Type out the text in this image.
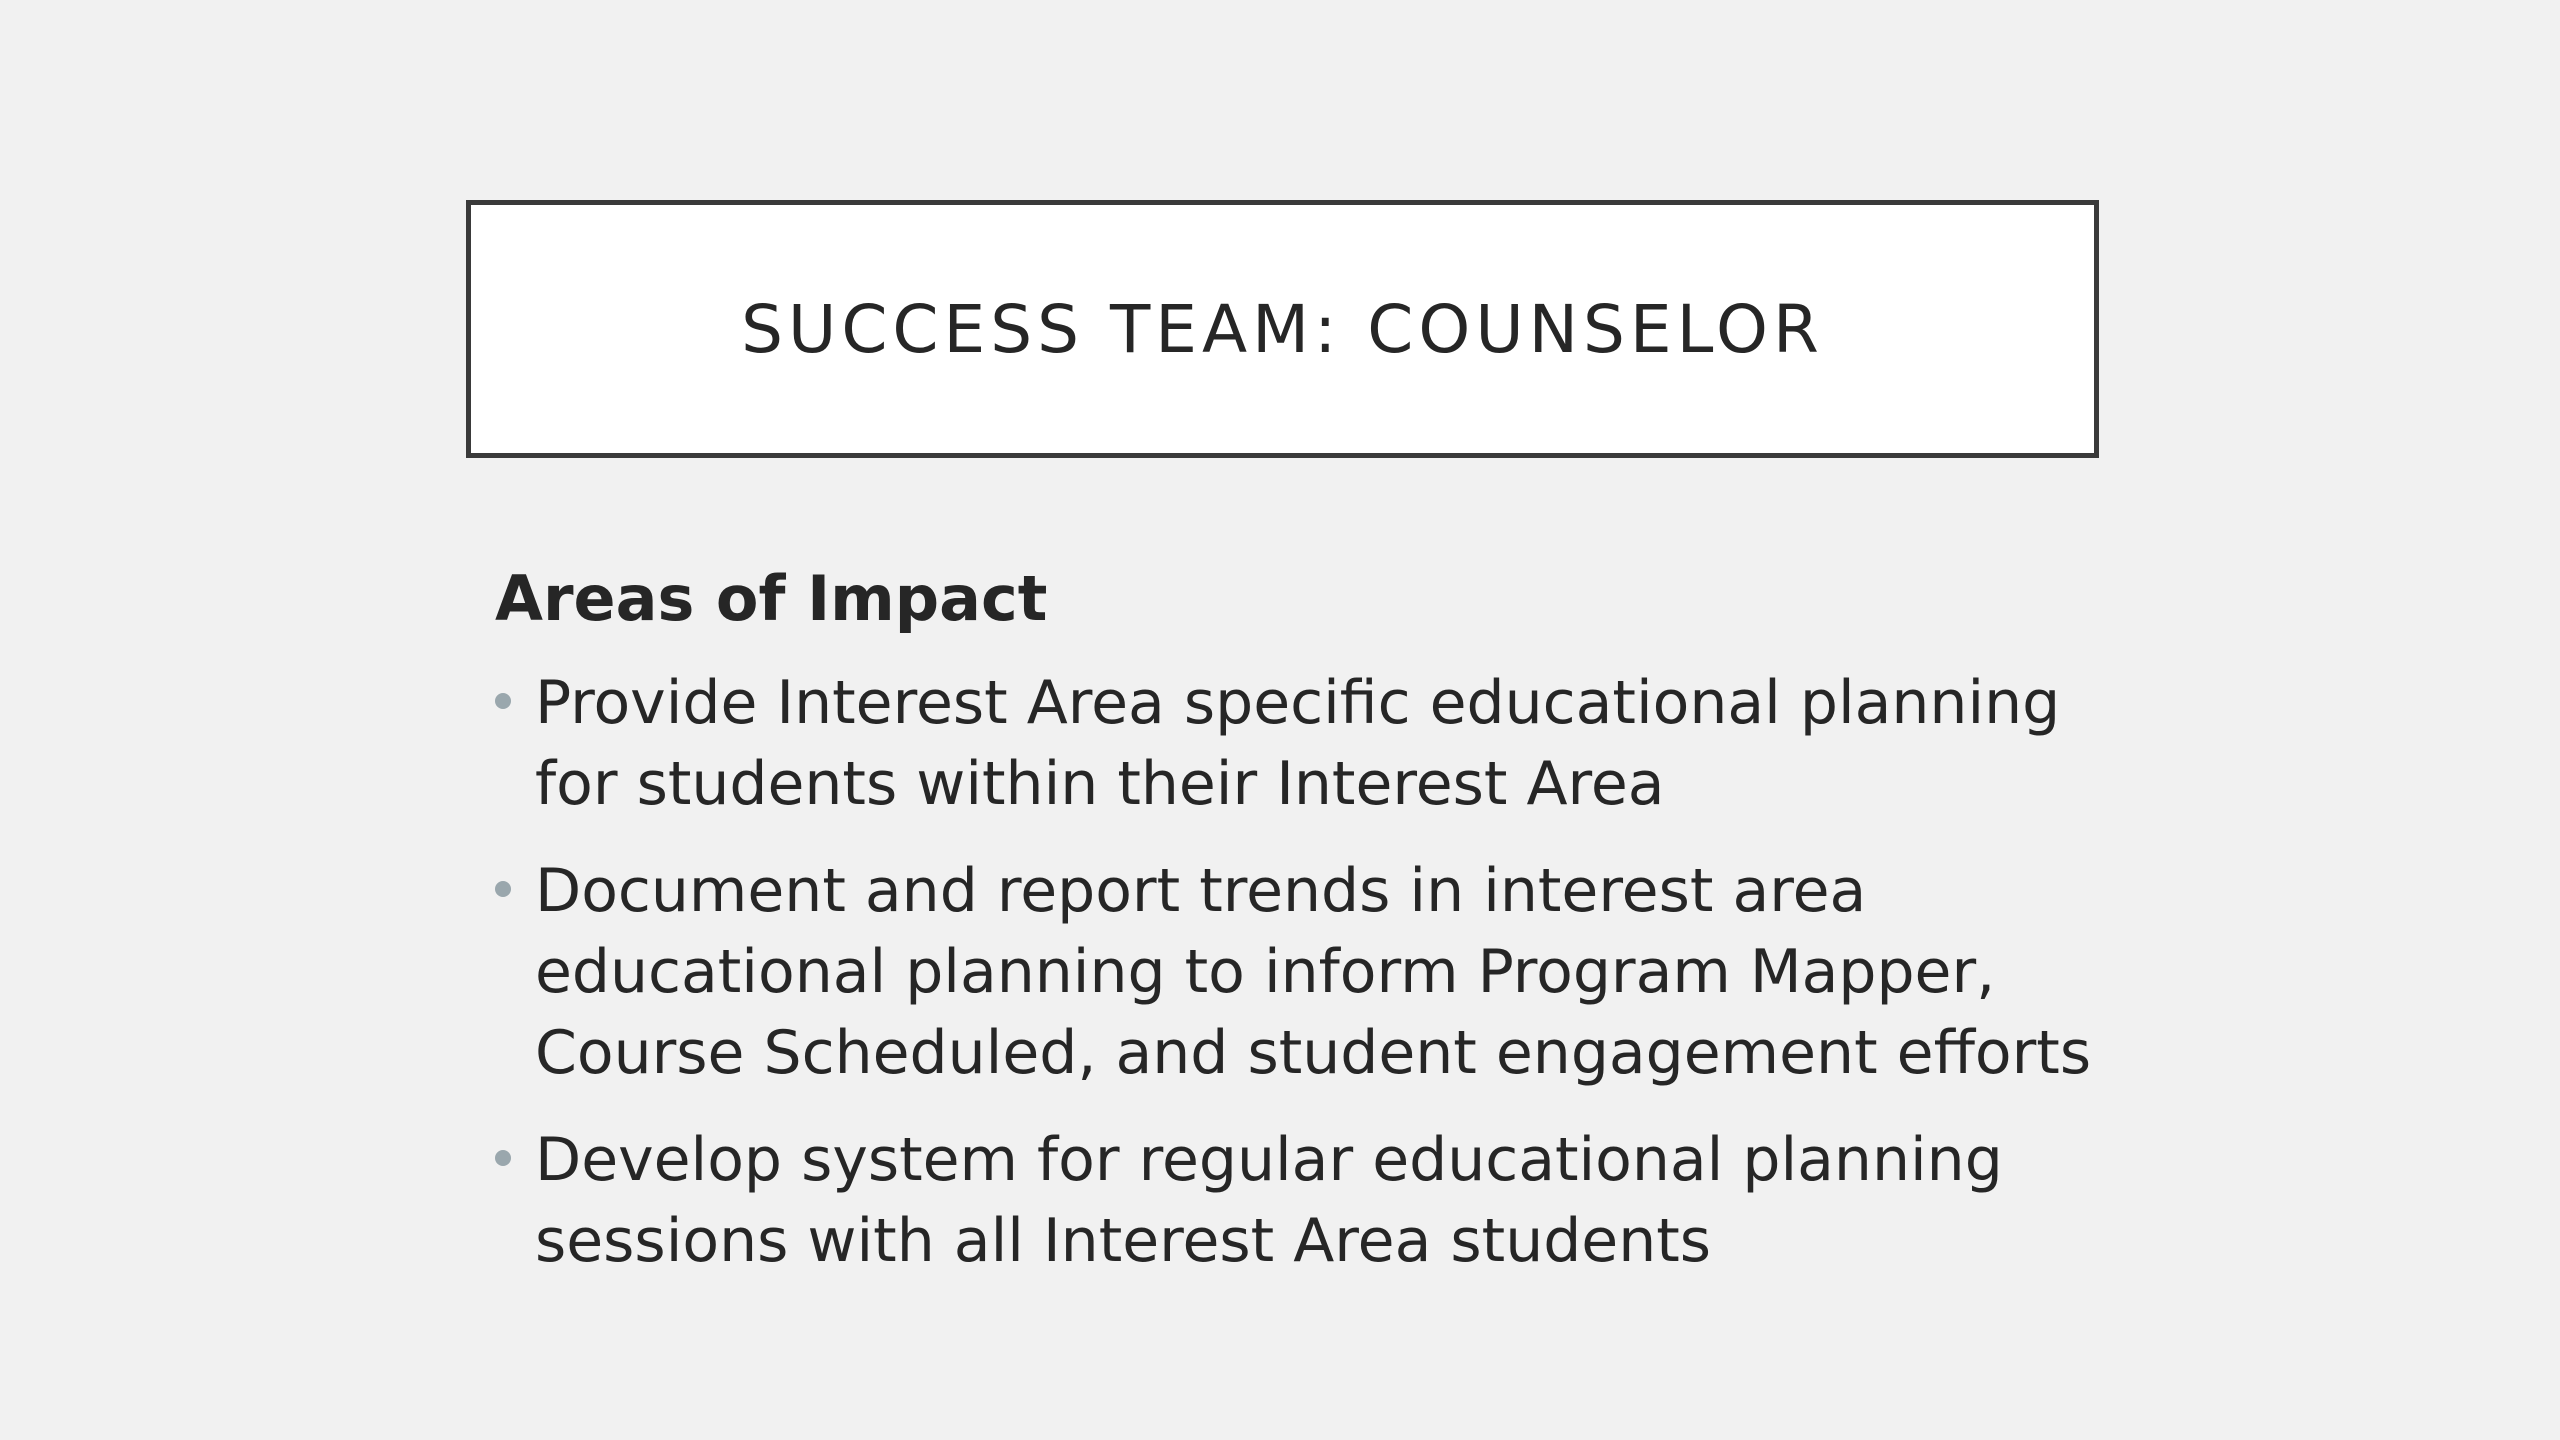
SUCCESS TEAM: COUNSELOR
Areas of Impact
Provide Interest Area specific educational planning for students within their Interest Area
Document and report trends in interest area educational planning to inform Program Mapper, Course Scheduled, and student engagement efforts
Develop system for regular educational planning sessions with all Interest Area students
